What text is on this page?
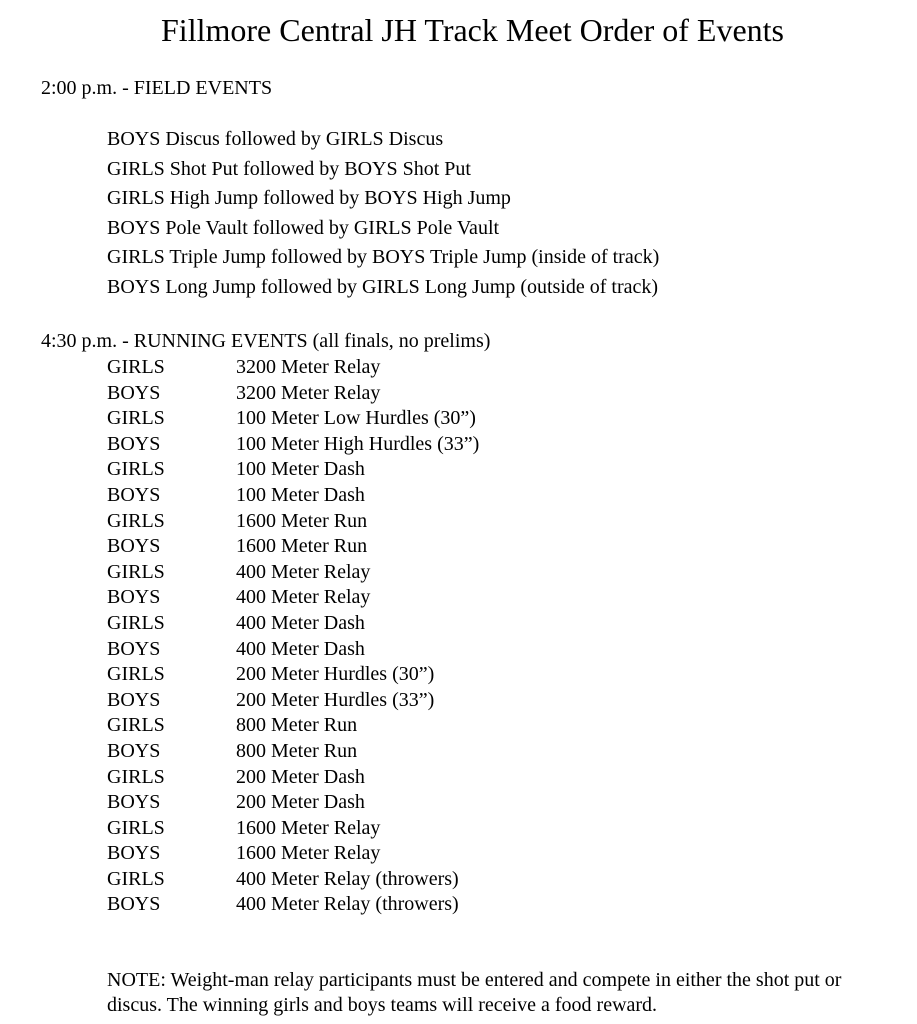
Fillmore Central JH Track Meet Order of Events
2:00 p.m. - FIELD EVENTS
BOYS Discus followed by GIRLS Discus
GIRLS Shot Put followed by BOYS Shot Put
GIRLS High Jump followed by BOYS High Jump
BOYS Pole Vault followed by GIRLS Pole Vault
GIRLS Triple Jump followed by BOYS Triple Jump (inside of track)
BOYS Long Jump followed by GIRLS Long Jump (outside of track)
4:30 p.m. - RUNNING EVENTS (all finals, no prelims)
GIRLS	3200 Meter Relay
BOYS	3200 Meter Relay
GIRLS	100 Meter Low Hurdles (30”)
BOYS	100 Meter High Hurdles (33”)
GIRLS	100 Meter Dash
BOYS	100 Meter Dash
GIRLS	1600 Meter Run
BOYS	1600 Meter Run
GIRLS	400 Meter Relay
BOYS	400 Meter Relay
GIRLS	400 Meter Dash
BOYS	400 Meter Dash
GIRLS	200 Meter Hurdles (30”)
BOYS	200 Meter Hurdles (33”)
GIRLS	800 Meter Run
BOYS	800 Meter Run
GIRLS	200 Meter Dash
BOYS	200 Meter Dash
GIRLS	1600 Meter Relay
BOYS	1600 Meter Relay
GIRLS	400 Meter Relay (throwers)
BOYS	400 Meter Relay (throwers)
NOTE: Weight-man relay participants must be entered and compete in either the shot put or discus. The winning girls and boys teams will receive a food reward.
